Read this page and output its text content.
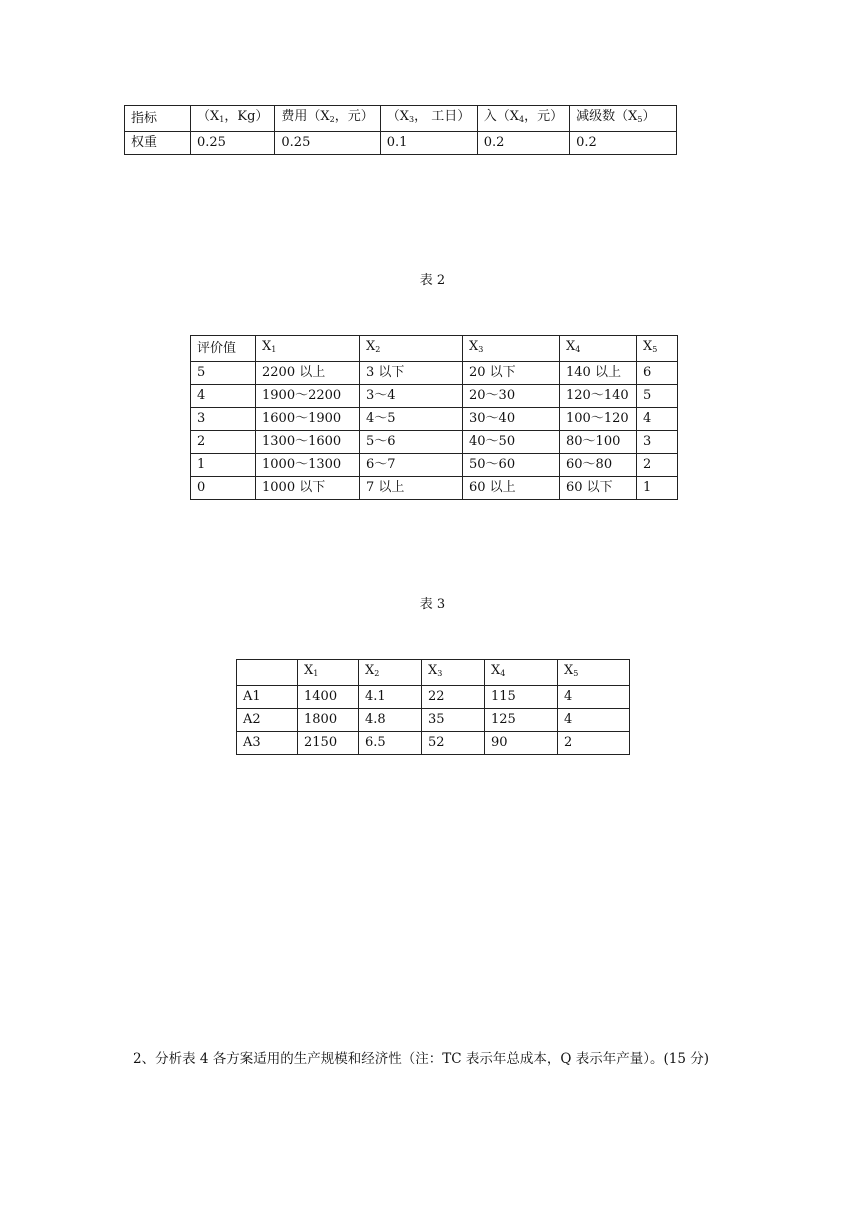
指标	（$X_1$，Kg）	费用（$X_2$，元）	（$X_3$， 工日）	入（$X_4$，元）	减级数$(X_5)$
权重	0.25	0.25	0.1	0.2	0.2
表 2
评价值	$X_1$	$X_2$	$X_3$	$X_4$	$X_5$
5	2200 以上	3 以下	20 以下	140 以上	6
4	1900～2200	3～4	20～30	120～140	5
3	1600～1900	4～5	30～40	100～120	4
2	1300～1600	5～6	40～50	80～100	3
1	1000～1300	6～7	50～60	60～80	2
0	1000 以下	7 以上	60 以上	60 以下	1
表 3
	$X_1$	$X_2$	$X_3$	$X_4$	$X_5$
A1	1400	4.1	22	115	4
A2	1800	4.8	35	125	4
A3	2150	6.5	52	90	2
2、分析表 4 各方案适用的生产规模和经济性（注：TC 表示年总成本，Q 表示年产量）。(15 分)
